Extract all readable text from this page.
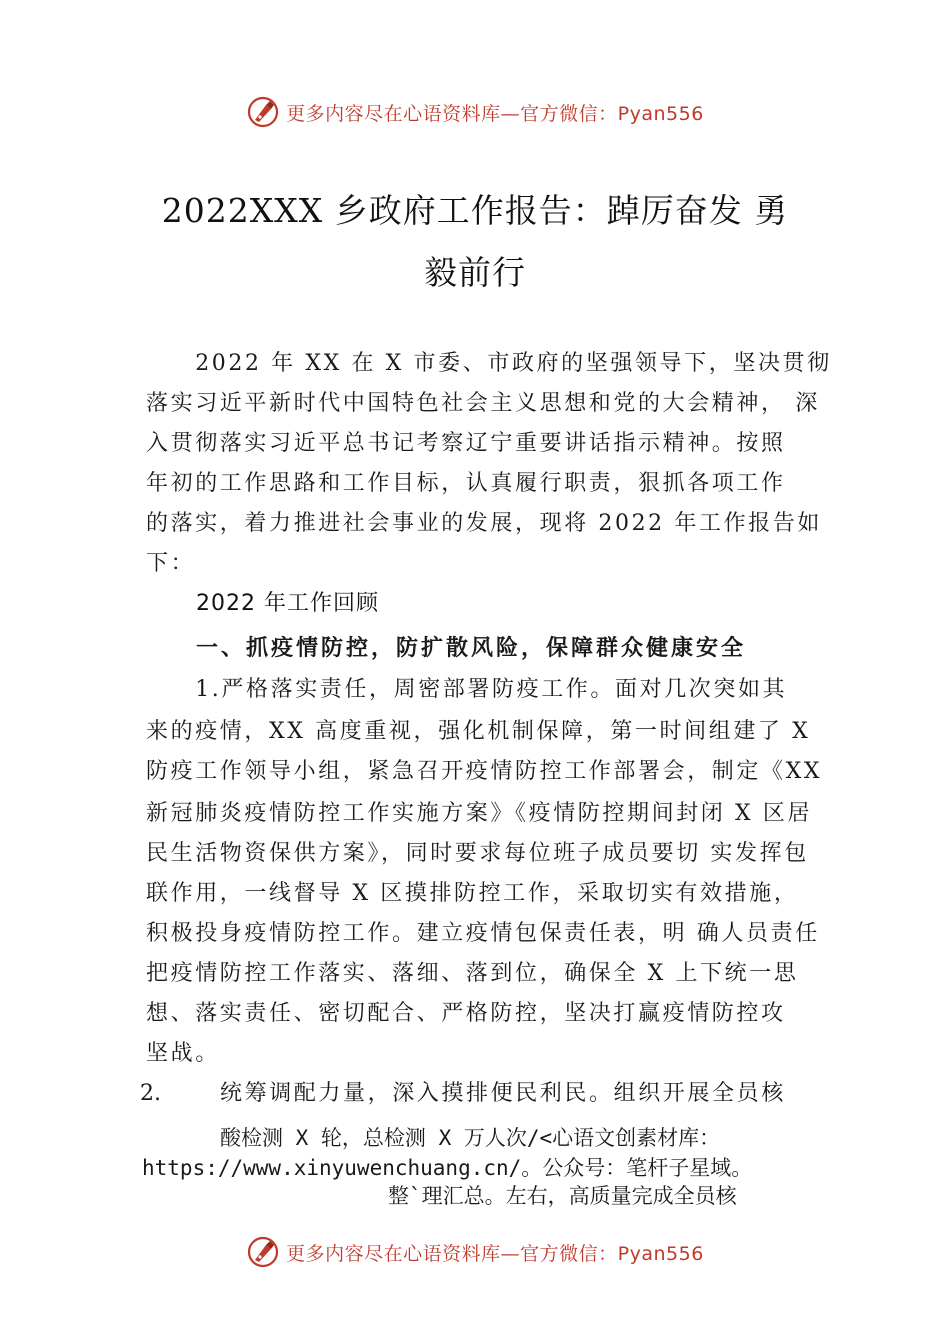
更多内容尽在心语资料库—官方微信：Pyan556
2022XXX 乡政府工作报告：踔厉奋发 勇
毅前行
　　2022 年 XX 在 X 市委、市政府的坚强领导下，坚决贯彻
落实习近平新时代中国特色社会主义思想和党的大会精神， 深
入贯彻落实习近平总书记考察辽宁重要讲话指示精神。按照
年初的工作思路和工作目标，认真履行职责，狠抓各项工作
的落实，着力推进社会事业的发展，现将 2022 年工作报告如
下：
2022 年工作回顾
一、抓疫情防控，防扩散风险，保障群众健康安全
　　1.严格落实责任，周密部署防疫工作。面对几次突如其
来的疫情，XX 高度重视，强化机制保障，第一时间组建了 X
防疫工作领导小组，紧急召开疫情防控工作部署会，制定《XX
新冠肺炎疫情防控工作实施方案》《疫情防控期间封闭 X 区居
民生活物资保供方案》，同时要求每位班子成员要切 实发挥包
联作用，一线督导 X 区摸排防控工作，采取切实有效措施，
积极投身疫情防控工作。建立疫情包保责任表，明 确人员责任
把疫情防控工作落实、落细、落到位，确保全 X 上下统一思
想、落实责任、密切配合、严格防控，坚决打赢疫情防控攻
坚战。
2.	统筹调配力量，深入摸排便民利民。组织开展全员核
酸检测 X 轮，总检测 X 万人次/<心语文创素材库：
https://www.xinyuwenchuang.cn/。公众号：笔杆子星域。
整`理汇总。左右，高质量完成全员核
更多内容尽在心语资料库—官方微信：Pyan556
